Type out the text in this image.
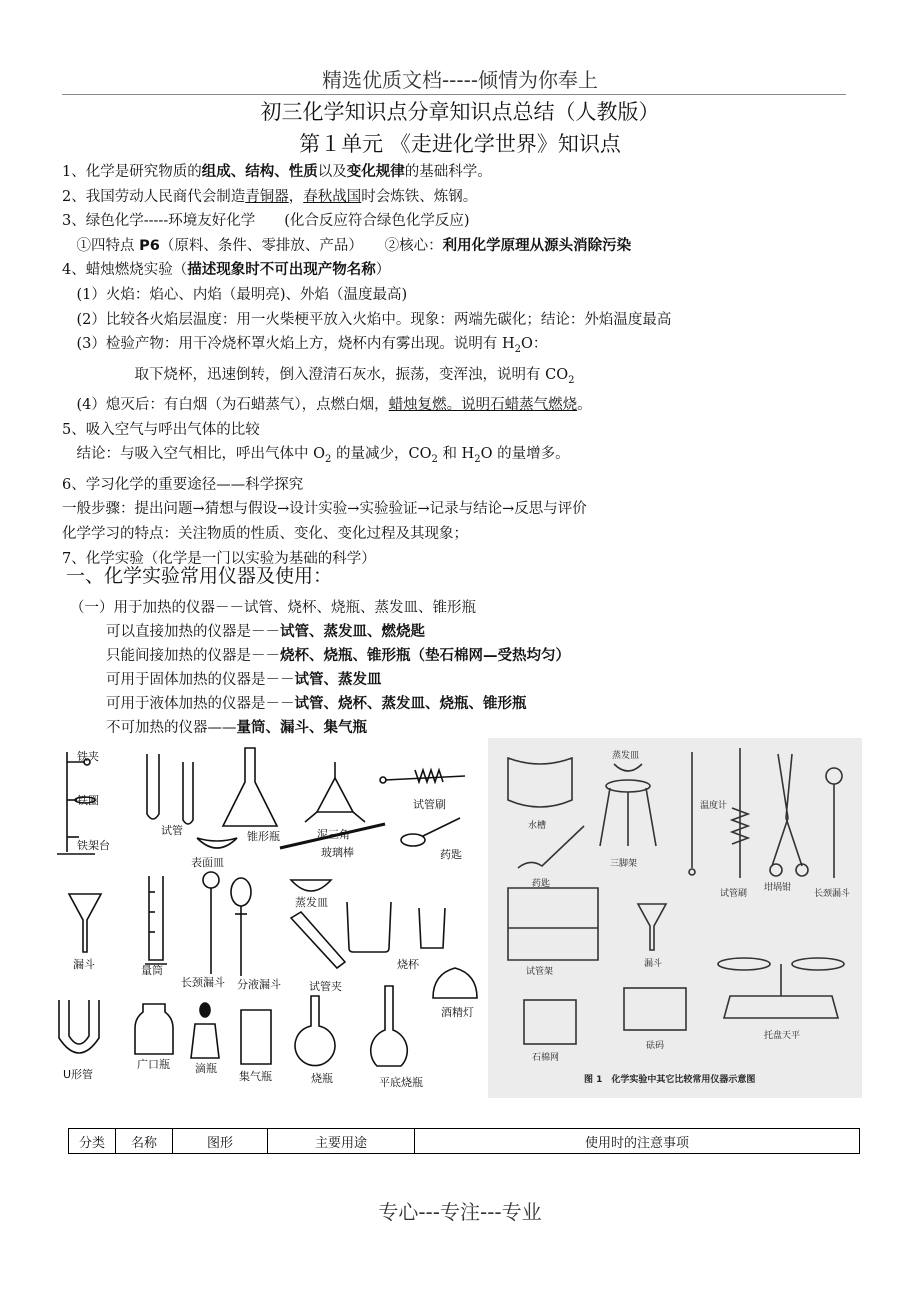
精选优质文档-----倾情为你奉上
初三化学知识点分章知识点总结（人教版）
第１单元 《走进化学世界》知识点
1、化学是研究物质的组成、结构、性质以及变化规律的基础科学。
2、我国劳动人民商代会制造青铜器，春秋战国时会炼铁、炼钢。
3、绿色化学-----环境友好化学　　(化合反应符合绿色化学反应)
　①四特点 P6（原料、条件、零排放、产品）　　②核心：利用化学原理从源头消除污染
4、蜡烛燃烧实验（描述现象时不可出现产物名称）
　(1）火焰：焰心、内焰（最明亮)、外焰（温度最高)
　(2）比较各火焰层温度：用一火柴梗平放入火焰中。现象：两端先碳化；结论：外焰温度最高
　(3）检验产物：用干冷烧杯罩火焰上方，烧杯内有雾出现。说明有 $H_2O$：
　　　　　取下烧杯，迅速倒转，倒入澄清石灰水，振荡，变浑浊，说明有 $CO_2$
　(4）熄灭后：有白烟（为石蜡蒸气），点燃白烟，蜡烛复燃。说明石蜡蒸气燃烧。
5、吸入空气与呼出气体的比较
　结论：与吸入空气相比，呼出气体中 $O_2$ 的量减少，$CO_2$ 和 $H_2O$ 的量增多。
6、学习化学的重要途径——科学探究
一般步骤：提出问题→猜想与假设→设计实验→实验验证→记录与结论→反思与评价
化学学习的特点：关注物质的性质、变化、变化过程及其现象；
7、化学实验（化学是一门以实验为基础的科学）
一、化学实验常用仪器及使用：
（一）用于加热的仪器－－试管、烧杯、烧瓶、蒸发皿、锥形瓶
可以直接加热的仪器是－－试管、蒸发皿、燃烧匙
只能间接加热的仪器是－－烧杯、烧瓶、锥形瓶（垫石棉网—受热均匀）
可用于固体加热的仪器是－－试管、蒸发皿
可用于液体加热的仪器是－－试管、烧杯、蒸发皿、烧瓶、锥形瓶
不可加热的仪器——量筒、漏斗、集气瓶
铁夹
铁圈
铁架台
试管	锥形瓶	泥三角
试管刷
表面皿
玻璃棒	药匙
漏斗	量筒
长颈漏斗 分液漏斗
蒸发皿
试管夹
烧杯
酒精灯
U形管
广口瓶 滴瓶
集气瓶	烧瓶	平底烧瓶
水槽
蒸发皿
温度计
药匙
三脚架
试管刷
坩埚钳
长颈漏斗
试管架
漏斗
石棉网
砝码
托盘天平
图 1　化学实验中其它比较常用仪器示意图
分类	名称	图形	主要用途	使用时的注意事项
专心---专注---专业
